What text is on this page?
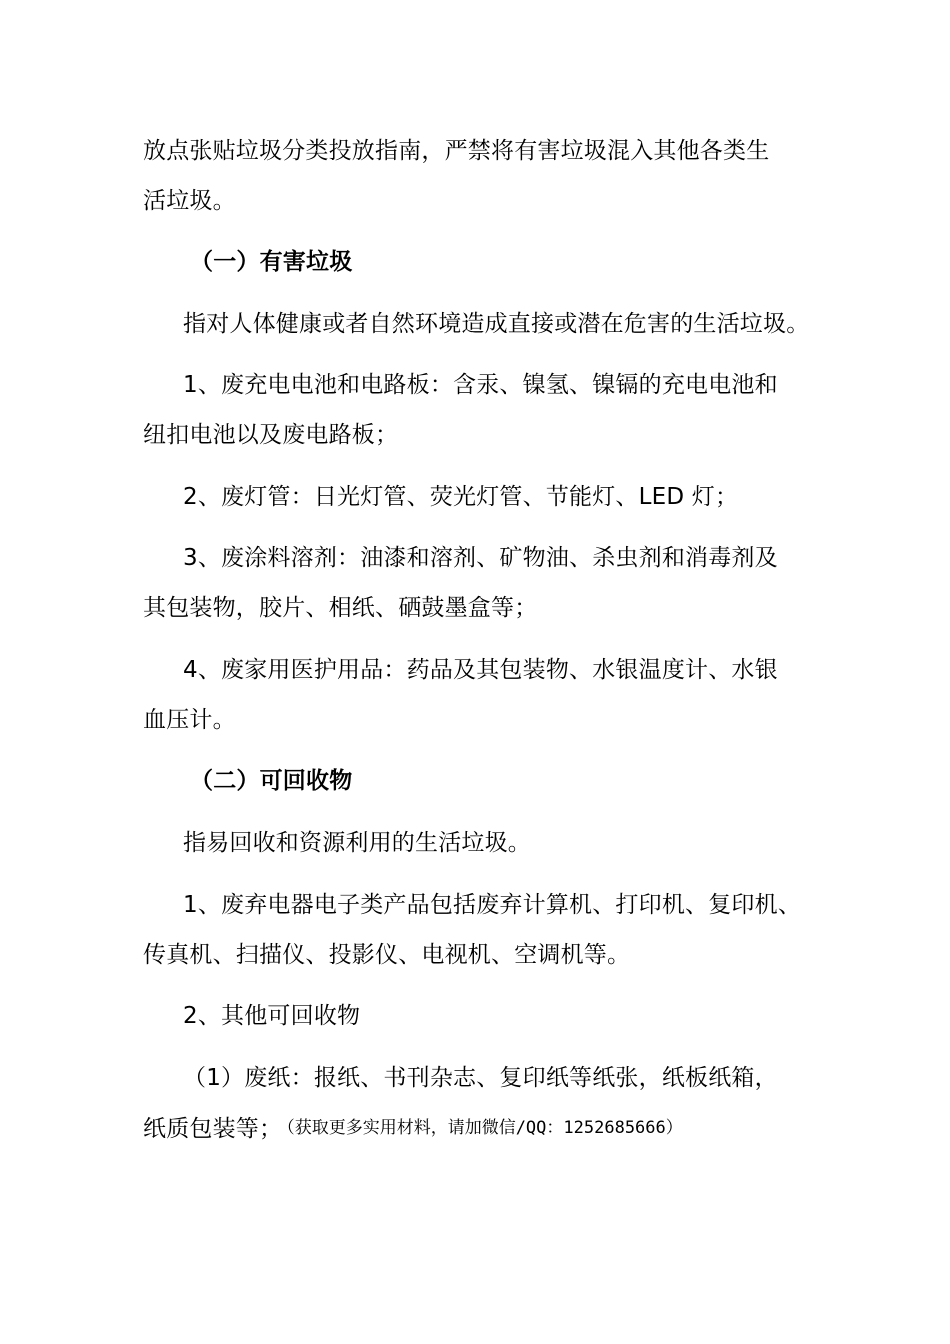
放点张贴垃圾分类投放指南，严禁将有害垃圾混入其他各类生
活垃圾。
（一）有害垃圾
指对人体健康或者自然环境造成直接或潜在危害的生活垃圾。
1、废充电电池和电路板：含汞、镍氢、镍镉的充电电池和
纽扣电池以及废电路板；
2、废灯管：日光灯管、荧光灯管、节能灯、LED 灯；
3、废涂料溶剂：油漆和溶剂、矿物油、杀虫剂和消毒剂及
其包装物，胶片、相纸、硒鼓墨盒等；
4、废家用医护用品：药品及其包装物、水银温度计、水银
血压计。
（二）可回收物
指易回收和资源利用的生活垃圾。
1、废弃电器电子类产品包括废弃计算机、打印机、复印机、
传真机、扫描仪、投影仪、电视机、空调机等。
2、其他可回收物
（1）废纸：报纸、书刊杂志、复印纸等纸张，纸板纸箱，
纸质包装等； （获取更多实用材料，请加微信/QQ：1252685666）
